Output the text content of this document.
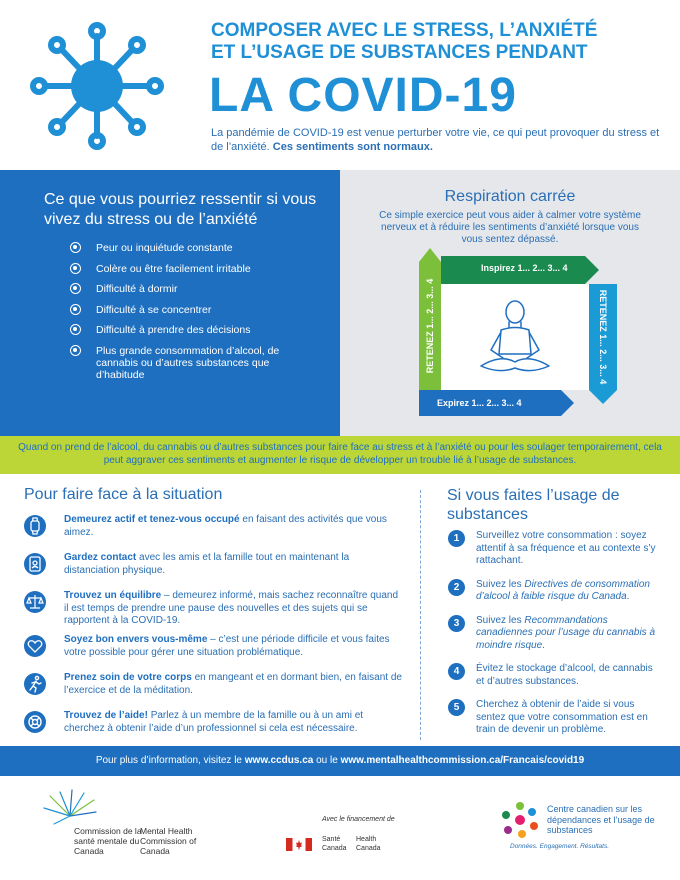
COMPOSER AVEC LE STRESS, L’ANXIÉTÉ
ET L’USAGE DE SUBSTANCES PENDANT
LA COVID-19
La pandémie de COVID-19 est venue perturber votre vie, ce qui peut provoquer du stress et de l’anxiété. Ces sentiments sont normaux.
Ce que vous pourriez ressentir si vous vivez du stress ou de l’anxiété
Peur ou inquiétude constante
Colère ou être facilement irritable
Difficulté à dormir
Difficulté à se concentrer
Difficulté à prendre des décisions
Plus grande consommation d’alcool, de cannabis ou d’autres substances que d’habitude
Respiration carrée
Ce simple exercice peut vous aider à calmer votre système nerveux et à réduire les sentiments d’anxiété lorsque vous vous sentez dépassé.
RETENEZ 1... 2... 3... 4
Inspirez 1... 2... 3... 4
RETENEZ 1... 2... 3... 4
Expirez 1... 2... 3... 4
Quand on prend de l’alcool, du cannabis ou d’autres substances pour faire face au stress et à l’anxiété ou pour les soulager temporairement, cela peut aggraver ces sentiments et augmenter le risque de développer un trouble lié à l’usage de substances.
Pour faire face à la situation
Demeurez actif et tenez-vous occupé en faisant des activités que vous aimez.
Gardez contact avec les amis et la famille tout en maintenant la distanciation physique.
Trouvez un équilibre – demeurez informé, mais sachez reconnaître quand il est temps de prendre une pause des nouvelles et des sujets qui se rapportent à la COVID-19.
Soyez bon envers vous-même – c’est une période difficile et vous faites votre possible pour gérer une situation problématique.
Prenez soin de votre corps en mangeant et en dormant bien, en faisant de l’exercice et de la méditation.
Trouvez de l’aide! Parlez à un membre de la famille ou à un ami et cherchez à obtenir l’aide d’un professionnel si cela est nécessaire.
Si vous faites l’usage de substances
1	Surveillez votre consommation : soyez attentif à sa fréquence et au contexte s’y rattachant.
2	Suivez les Directives de consommation d’alcool à faible risque du Canada.
3	Suivez les Recommandations canadiennes pour l’usage du cannabis à moindre risque.
4	Évitez le stockage d’alcool, de cannabis et d’autres substances.
5	Cherchez à obtenir de l’aide si vous sentez que votre consommation est en train de devenir un problème.
Pour plus d’information, visitez le www.ccdus.ca ou le www.mentalhealthcommission.ca/Francais/covid19
Commission de la santé mentale du Canada
Mental Health Commission of Canada
Avec le financement de
Santé Canada
Health Canada
Centre canadien sur les dépendances et l’usage de substances
Données. Engagement. Résultats.
